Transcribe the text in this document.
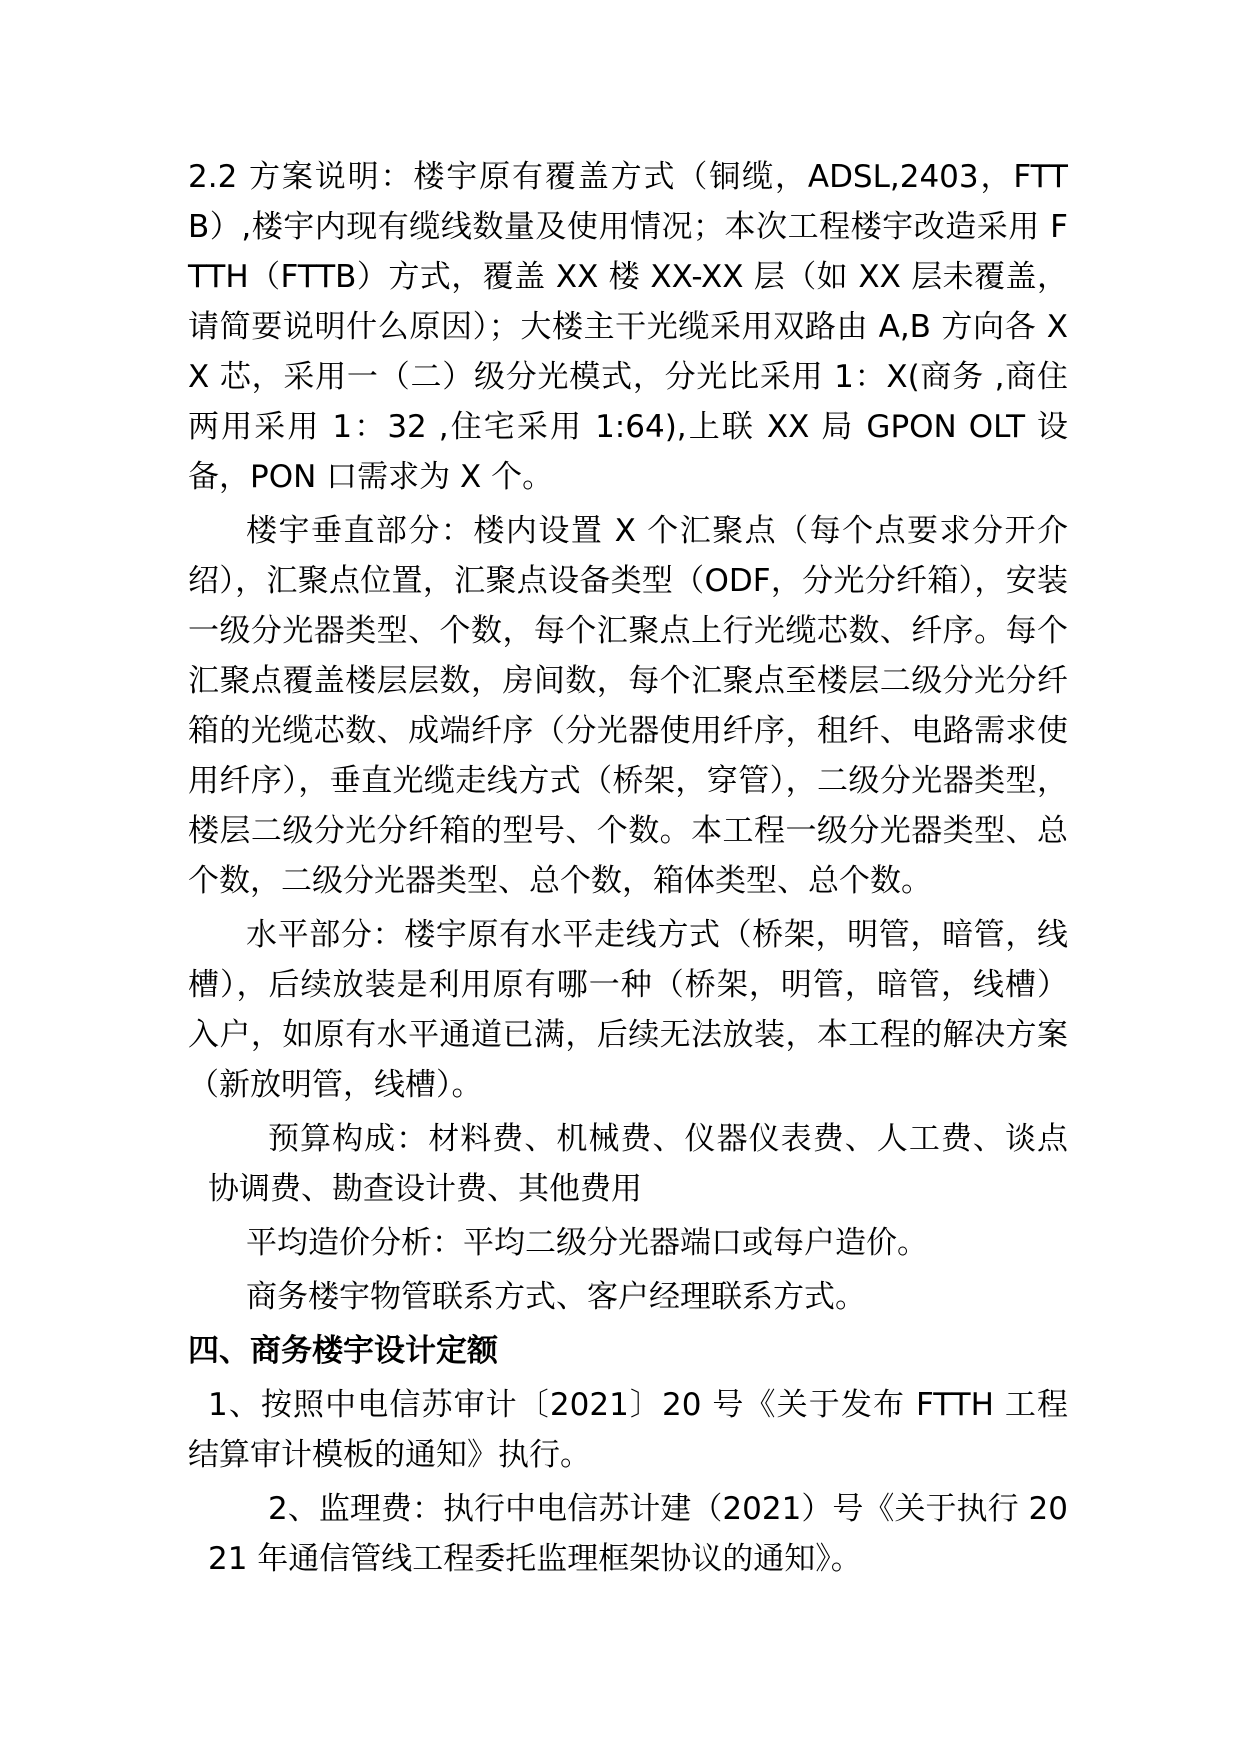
2.2 方案说明：楼宇原有覆盖方式（铜缆，ADSL,2403，FTTB）,楼宇内现有缆线数量及使用情况；本次工程楼宇改造采用 FTTH（FTTB）方式，覆盖 XX 楼 XX-XX 层（如 XX 层未覆盖，请简要说明什么原因）；大楼主干光缆采用双路由 A,B 方向各 XX 芯，采用一（二）级分光模式，分光比采用 1：X(商务 ,商住两用采用 1：32 ,住宅采用 1:64),上联 XX 局 GPON OLT 设备，PON 口需求为 X 个。

楼宇垂直部分：楼内设置 X 个汇聚点（每个点要求分开介绍），汇聚点位置，汇聚点设备类型（ODF，分光分纤箱），安装一级分光器类型、个数，每个汇聚点上行光缆芯数、纤序。每个汇聚点覆盖楼层层数，房间数，每个汇聚点至楼层二级分光分纤箱的光缆芯数、成端纤序（分光器使用纤序，租纤、电路需求使用纤序），垂直光缆走线方式（桥架，穿管），二级分光器类型，楼层二级分光分纤箱的型号、个数。本工程一级分光器类型、总个数，二级分光器类型、总个数，箱体类型、总个数。

水平部分：楼宇原有水平走线方式（桥架，明管，暗管，线槽），后续放装是利用原有哪一种（桥架，明管，暗管，线槽）入户，如原有水平通道已满，后续无法放装，本工程的解决方案（新放明管，线槽）。

预算构成：材料费、机械费、仪器仪表费、人工费、谈点协调费、勘查设计费、其他费用

平均造价分析：平均二级分光器端口或每户造价。

商务楼宇物管联系方式、客户经理联系方式。

四、商务楼宇设计定额

1、按照中电信苏审计〔2021〕20 号《关于发布 FTTH 工程结算审计模板的通知》执行。

2、监理费：执行中电信苏计建（2021）号《关于执行 2021 年通信管线工程委托监理框架协议的通知》。
